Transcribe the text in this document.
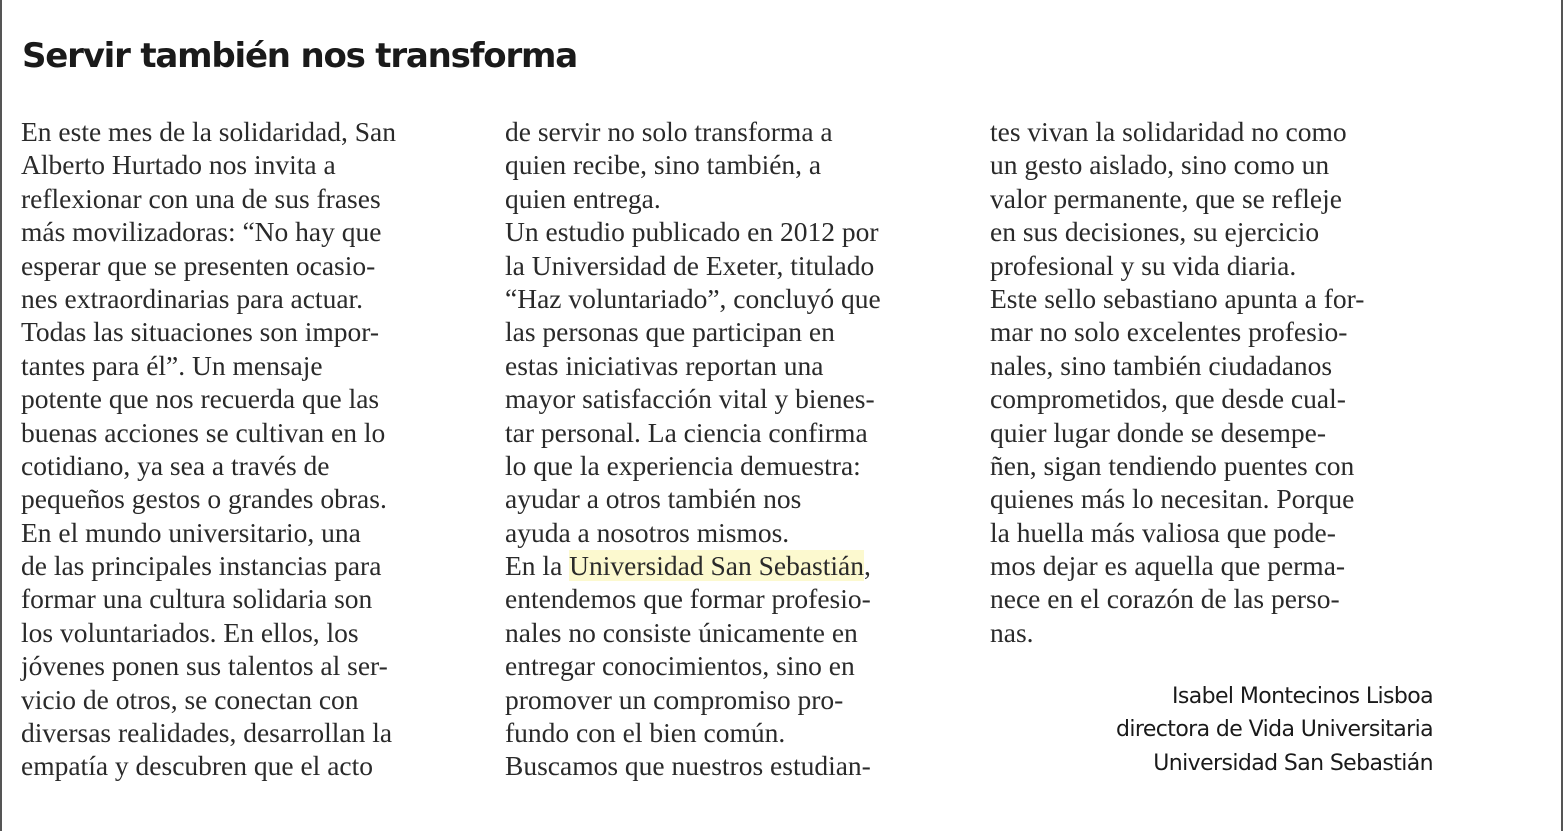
Servir también nos transforma
En este mes de la solidaridad, San
Alberto Hurtado nos invita a
reflexionar con una de sus frases
más movilizadoras: “No hay que
esperar que se presenten ocasio-
nes extraordinarias para actuar.
Todas las situaciones son impor-
tantes para él”. Un mensaje
potente que nos recuerda que las
buenas acciones se cultivan en lo
cotidiano, ya sea a través de
pequeños gestos o grandes obras.
En el mundo universitario, una
de las principales instancias para
formar una cultura solidaria son
los voluntariados. En ellos, los
jóvenes ponen sus talentos al ser-
vicio de otros, se conectan con
diversas realidades, desarrollan la
empatía y descubren que el acto
de servir no solo transforma a
quien recibe, sino también, a
quien entrega.
Un estudio publicado en 2012 por
la Universidad de Exeter, titulado
“Haz voluntariado”, concluyó que
las personas que participan en
estas iniciativas reportan una
mayor satisfacción vital y bienes-
tar personal. La ciencia confirma
lo que la experiencia demuestra:
ayudar a otros también nos
ayuda a nosotros mismos.
En la Universidad San Sebastián,
entendemos que formar profesio-
nales no consiste únicamente en
entregar conocimientos, sino en
promover un compromiso pro-
fundo con el bien común.
Buscamos que nuestros estudian-
tes vivan la solidaridad no como
un gesto aislado, sino como un
valor permanente, que se refleje
en sus decisiones, su ejercicio
profesional y su vida diaria.
Este sello sebastiano apunta a for-
mar no solo excelentes profesio-
nales, sino también ciudadanos
comprometidos, que desde cual-
quier lugar donde se desempe-
ñen, sigan tendiendo puentes con
quienes más lo necesitan. Porque
la huella más valiosa que pode-
mos dejar es aquella que perma-
nece en el corazón de las perso-
nas.
Isabel Montecinos Lisboa
directora de Vida Universitaria
Universidad San Sebastián
